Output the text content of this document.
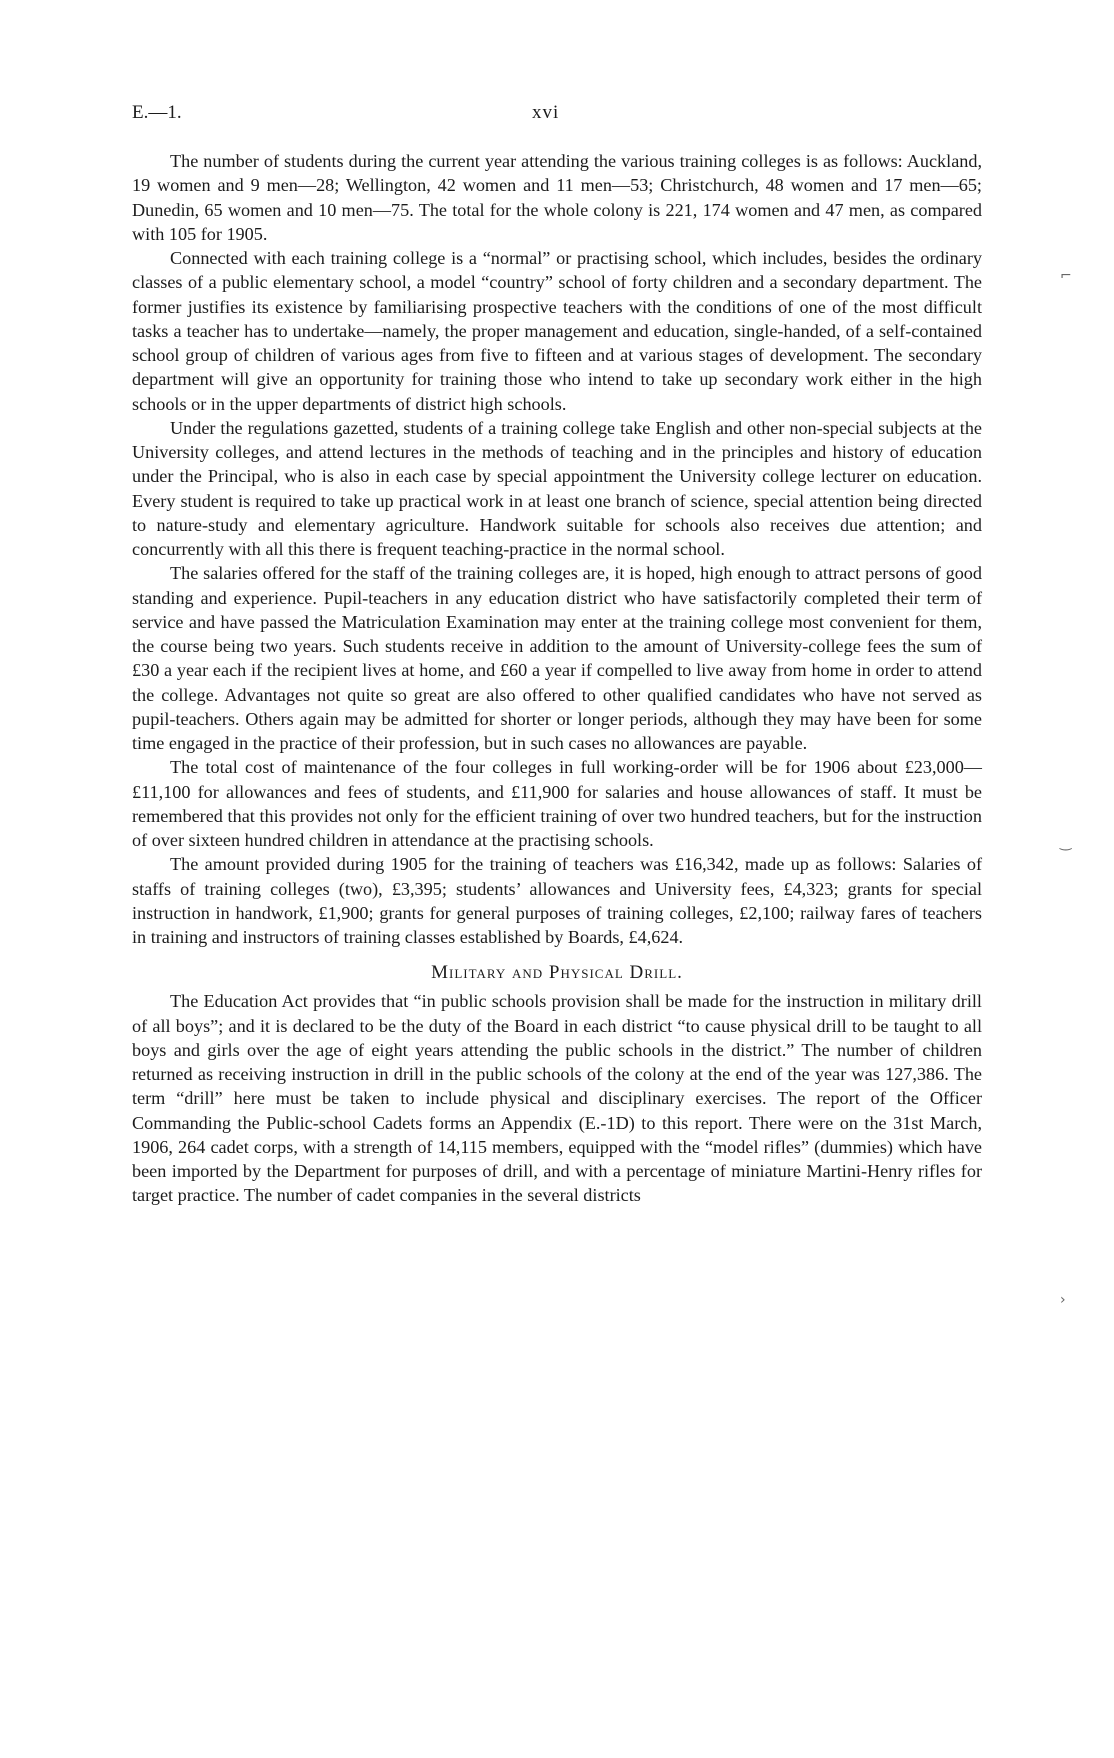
E.—1.	xvi

The number of students during the current year attending the various training colleges is as follows: Auckland, 19 women and 9 men—28; Wellington, 42 women and 11 men—53; Christchurch, 48 women and 17 men—65; Dunedin, 65 women and 10 men—75. The total for the whole colony is 221, 174 women and 47 men, as compared with 105 for 1905.

Connected with each training college is a “normal” or practising school, which includes, besides the ordinary classes of a public elementary school, a model “country” school of forty children and a secondary department. The former justifies its existence by familiarising prospective teachers with the conditions of one of the most difficult tasks a teacher has to undertake—namely, the proper management and education, single-handed, of a self-contained school group of children of various ages from five to fifteen and at various stages of development. The secondary department will give an opportunity for training those who intend to take up secondary work either in the high schools or in the upper departments of district high schools.

Under the regulations gazetted, students of a training college take English and other non-special subjects at the University colleges, and attend lectures in the methods of teaching and in the principles and history of education under the Principal, who is also in each case by special appointment the University college lecturer on education. Every student is required to take up practical work in at least one branch of science, special attention being directed to nature-study and elementary agriculture. Handwork suitable for schools also receives due attention; and concurrently with all this there is frequent teaching-practice in the normal school.

The salaries offered for the staff of the training colleges are, it is hoped, high enough to attract persons of good standing and experience. Pupil-teachers in any education district who have satisfactorily completed their term of service and have passed the Matriculation Examination may enter at the training college most convenient for them, the course being two years. Such students receive in addition to the amount of University-college fees the sum of £30 a year each if the recipient lives at home, and £60 a year if compelled to live away from home in order to attend the college. Advantages not quite so great are also offered to other qualified candidates who have not served as pupil-teachers. Others again may be admitted for shorter or longer periods, although they may have been for some time engaged in the practice of their profession, but in such cases no allowances are payable.

The total cost of maintenance of the four colleges in full working-order will be for 1906 about £23,000—£11,100 for allowances and fees of students, and £11,900 for salaries and house allowances of staff. It must be remembered that this provides not only for the efficient training of over two hundred teachers, but for the instruction of over sixteen hundred children in attendance at the practising schools.

The amount provided during 1905 for the training of teachers was £16,342, made up as follows: Salaries of staffs of training colleges (two), £3,395; students’ allowances and University fees, £4,323; grants for special instruction in handwork, £1,900; grants for general purposes of training colleges, £2,100; railway fares of teachers in training and instructors of training classes established by Boards, £4,624.

Military and Physical Drill.

The Education Act provides that “in public schools provision shall be made for the instruction in military drill of all boys”; and it is declared to be the duty of the Board in each district “to cause physical drill to be taught to all boys and girls over the age of eight years attending the public schools in the district.” The number of children returned as receiving instruction in drill in the public schools of the colony at the end of the year was 127,386. The term “drill” here must be taken to include physical and disciplinary exercises. The report of the Officer Commanding the Public-school Cadets forms an Appendix (E.-1D) to this report. There were on the 31st March, 1906, 264 cadet corps, with a strength of 14,115 members, equipped with the “model rifles” (dummies) which have been imported by the Department for purposes of drill, and with a percentage of miniature Martini-Henry rifles for target practice. The number of cadet companies in the several districts

⌐
‿
›
